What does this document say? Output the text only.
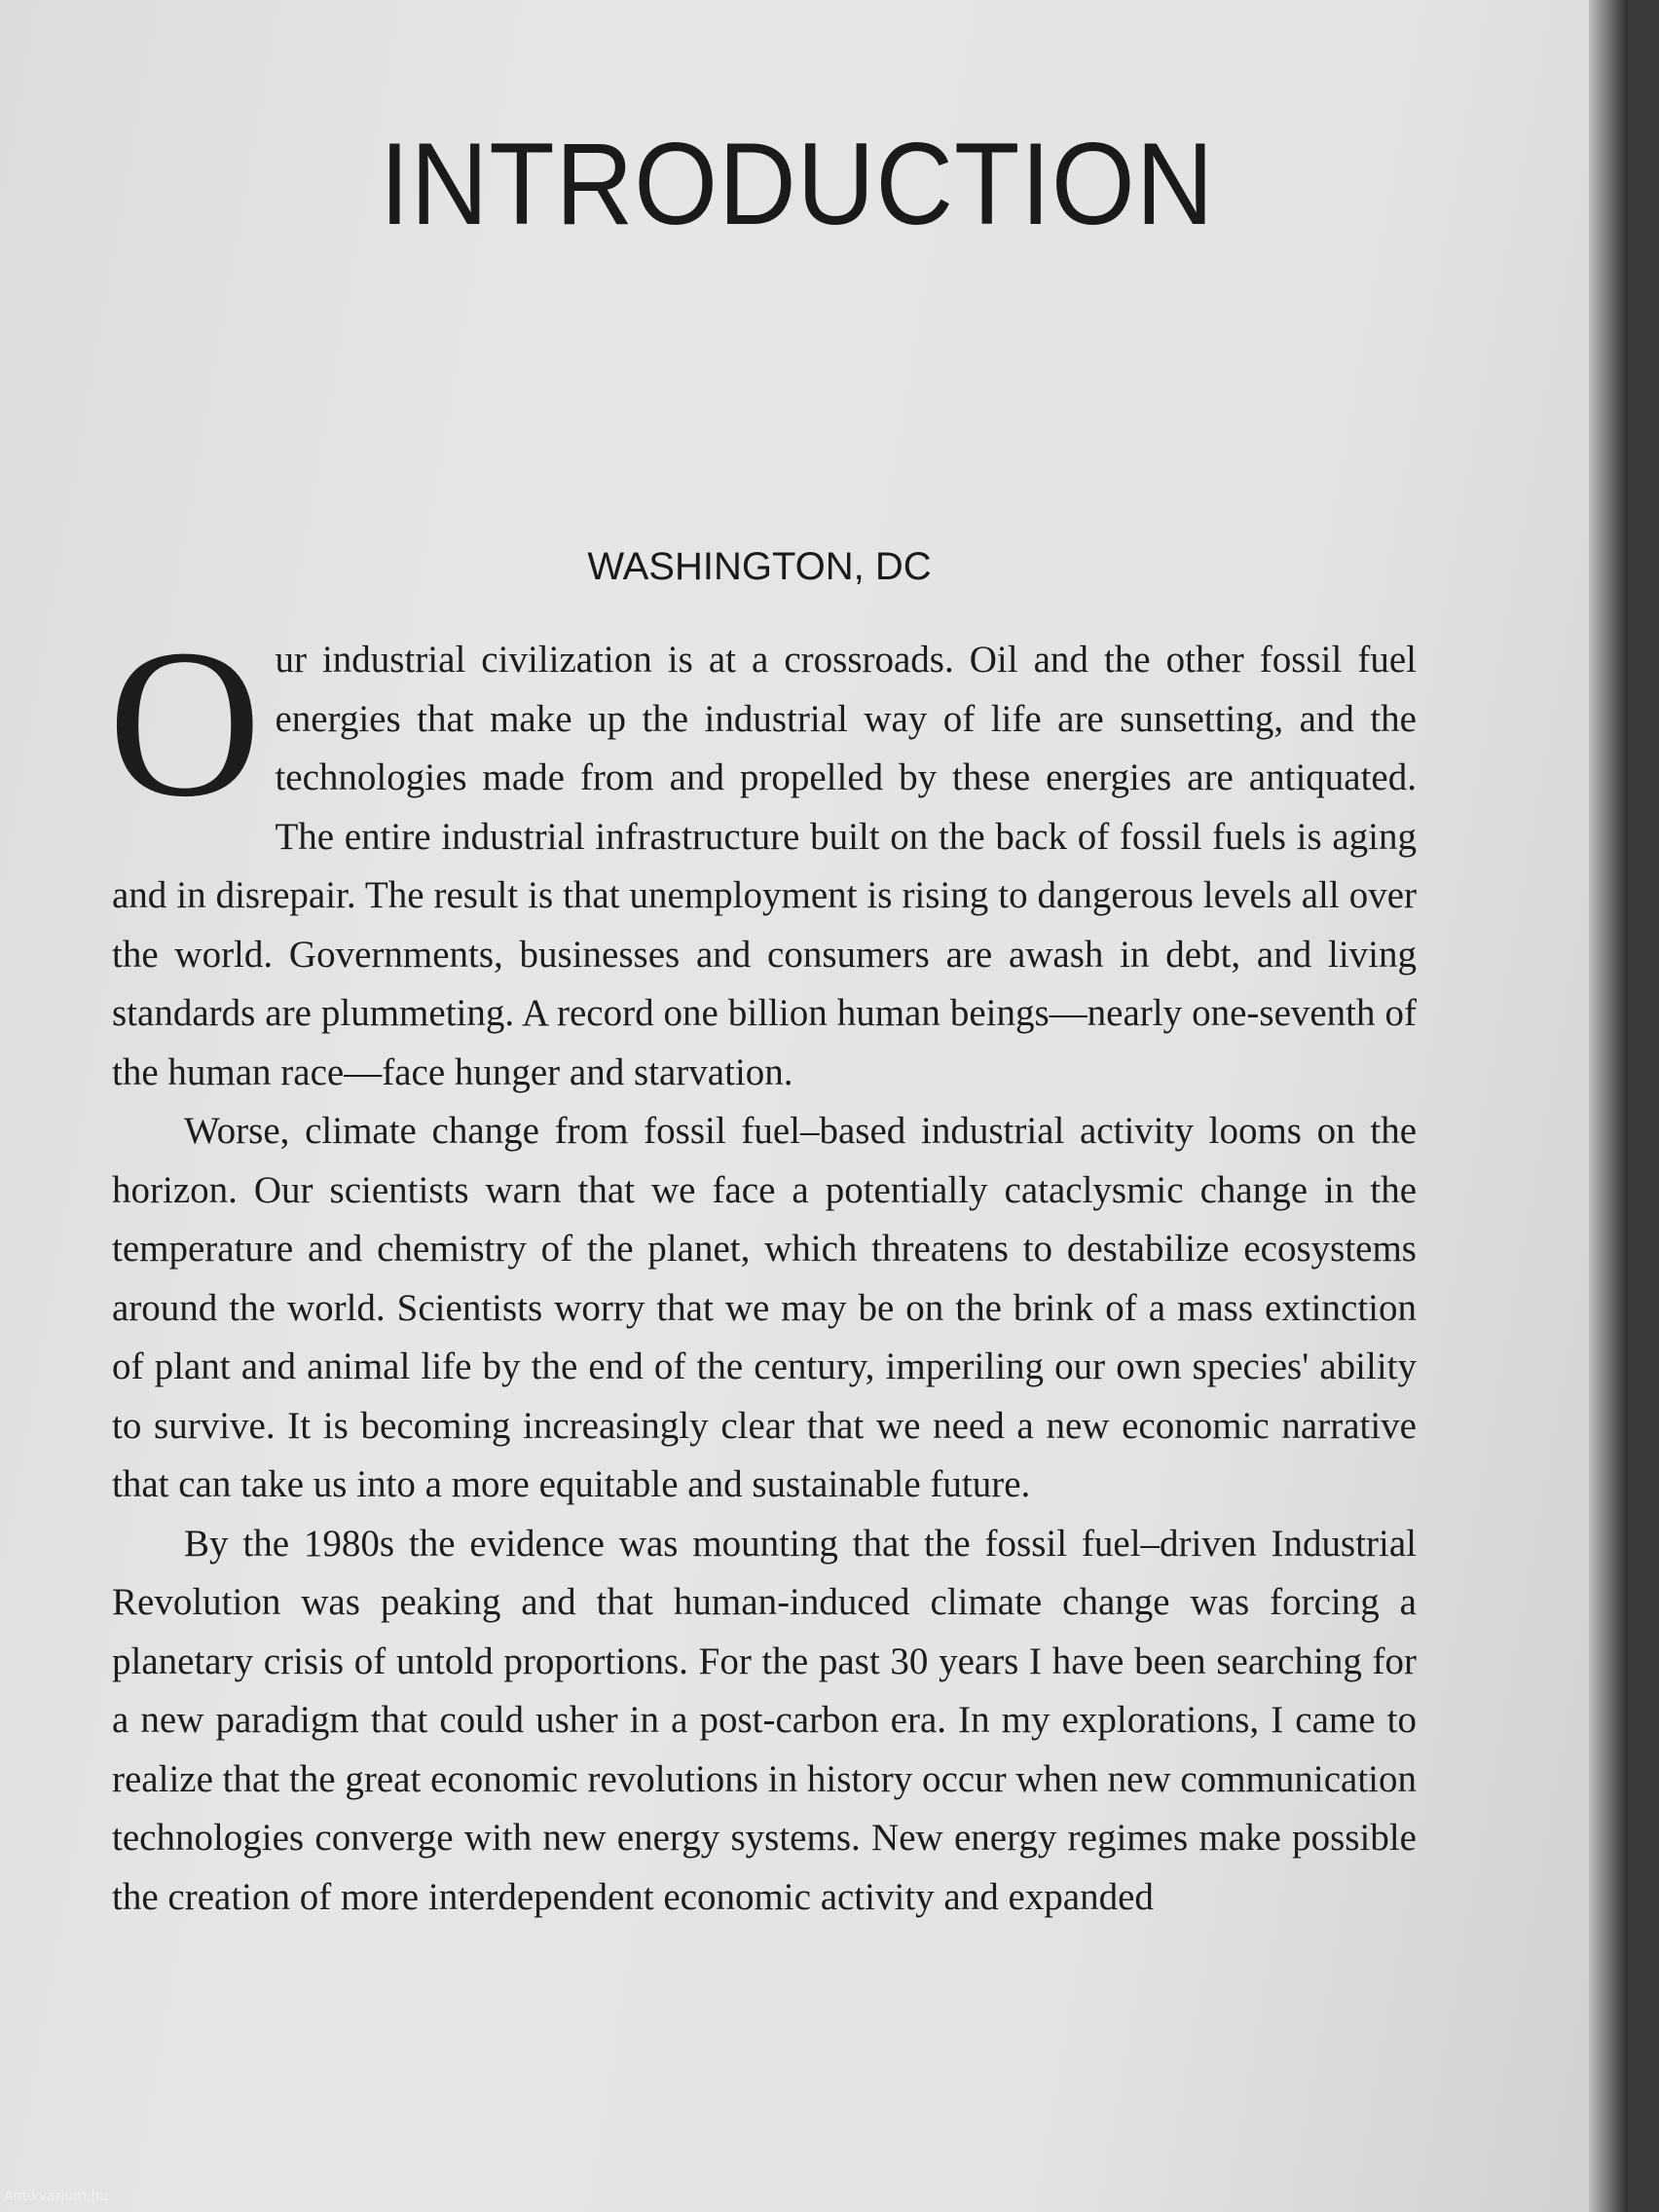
INTRODUCTION
WASHINGTON, DC

Our industrial civilization is at a crossroads. Oil and the other fossil fuel energies that make up the industrial way of life are sunsetting, and the technologies made from and propelled by these energies are antiquated. The entire industrial infrastructure built on the back of fossil fuels is aging and in disrepair. The result is that unemployment is rising to dangerous levels all over the world. Governments, businesses and consumers are awash in debt, and living standards are plummeting. A record one billion human beings—nearly one-seventh of the human race—face hunger and starvation.

Worse, climate change from fossil fuel–based industrial activity looms on the horizon. Our scientists warn that we face a potentially cataclysmic change in the temperature and chemistry of the planet, which threatens to destabilize ecosystems around the world. Scientists worry that we may be on the brink of a mass extinction of plant and animal life by the end of the century, imperiling our own species' ability to survive. It is becoming increasingly clear that we need a new economic narrative that can take us into a more equitable and sustainable future.

By the 1980s the evidence was mounting that the fossil fuel–driven Industrial Revolution was peaking and that human-induced climate change was forcing a planetary crisis of untold proportions. For the past 30 years I have been searching for a new paradigm that could usher in a post-carbon era. In my explorations, I came to realize that the great economic revolutions in history occur when new communication technologies converge with new energy systems. New energy regimes make possible the creation of more interdependent economic activity and expanded

Antikvarium.hu
